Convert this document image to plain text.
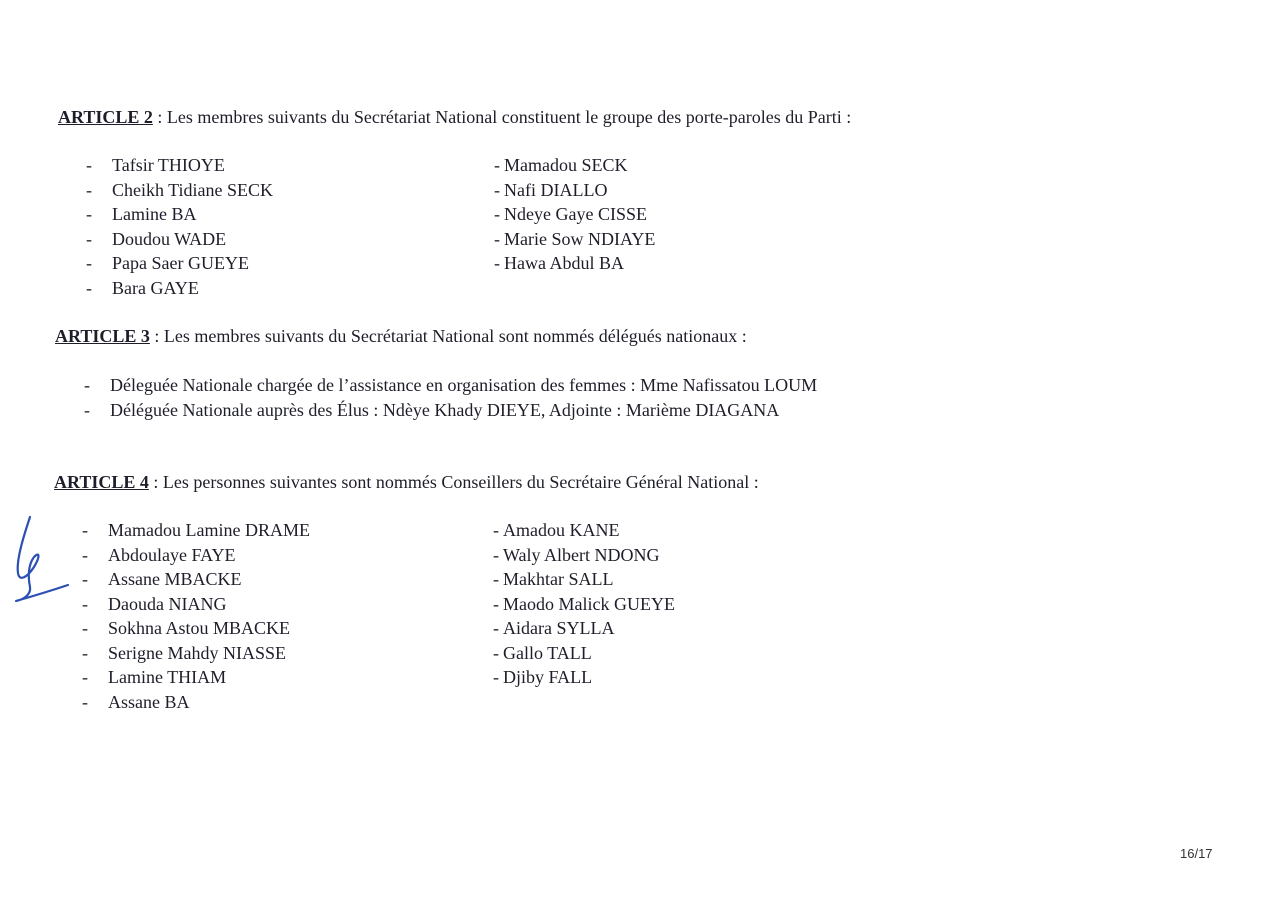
ARTICLE 2 : Les membres suivants du Secrétariat National constituent le groupe des porte-paroles du Parti :
- Tafsir THIOYE
- Cheikh Tidiane SECK
- Lamine BA
- Doudou WADE
- Papa Saer GUEYE
- Bara GAYE
- Mamadou SECK
- Nafi DIALLO
- Ndeye Gaye CISSE
- Marie Sow NDIAYE
- Hawa Abdul BA
ARTICLE 3 : Les membres suivants du Secrétariat National sont nommés délégués nationaux :
- Déleguée Nationale chargée de l’assistance en organisation des femmes : Mme Nafissatou LOUM
- Déléguée Nationale auprès des Élus : Ndèye Khady DIEYE, Adjointe : Marième DIAGANA
ARTICLE 4 : Les personnes suivantes sont nommés Conseillers du Secrétaire Général National :
- Mamadou Lamine DRAME
- Abdoulaye FAYE
- Assane MBACKE
- Daouda NIANG
- Sokhna Astou MBACKE
- Serigne Mahdy NIASSE
- Lamine THIAM
- Assane BA
- Amadou KANE
- Waly Albert NDONG
- Makhtar SALL
- Maodo Malick GUEYE
- Aidara SYLLA
- Gallo TALL
- Djiby FALL
16/17
